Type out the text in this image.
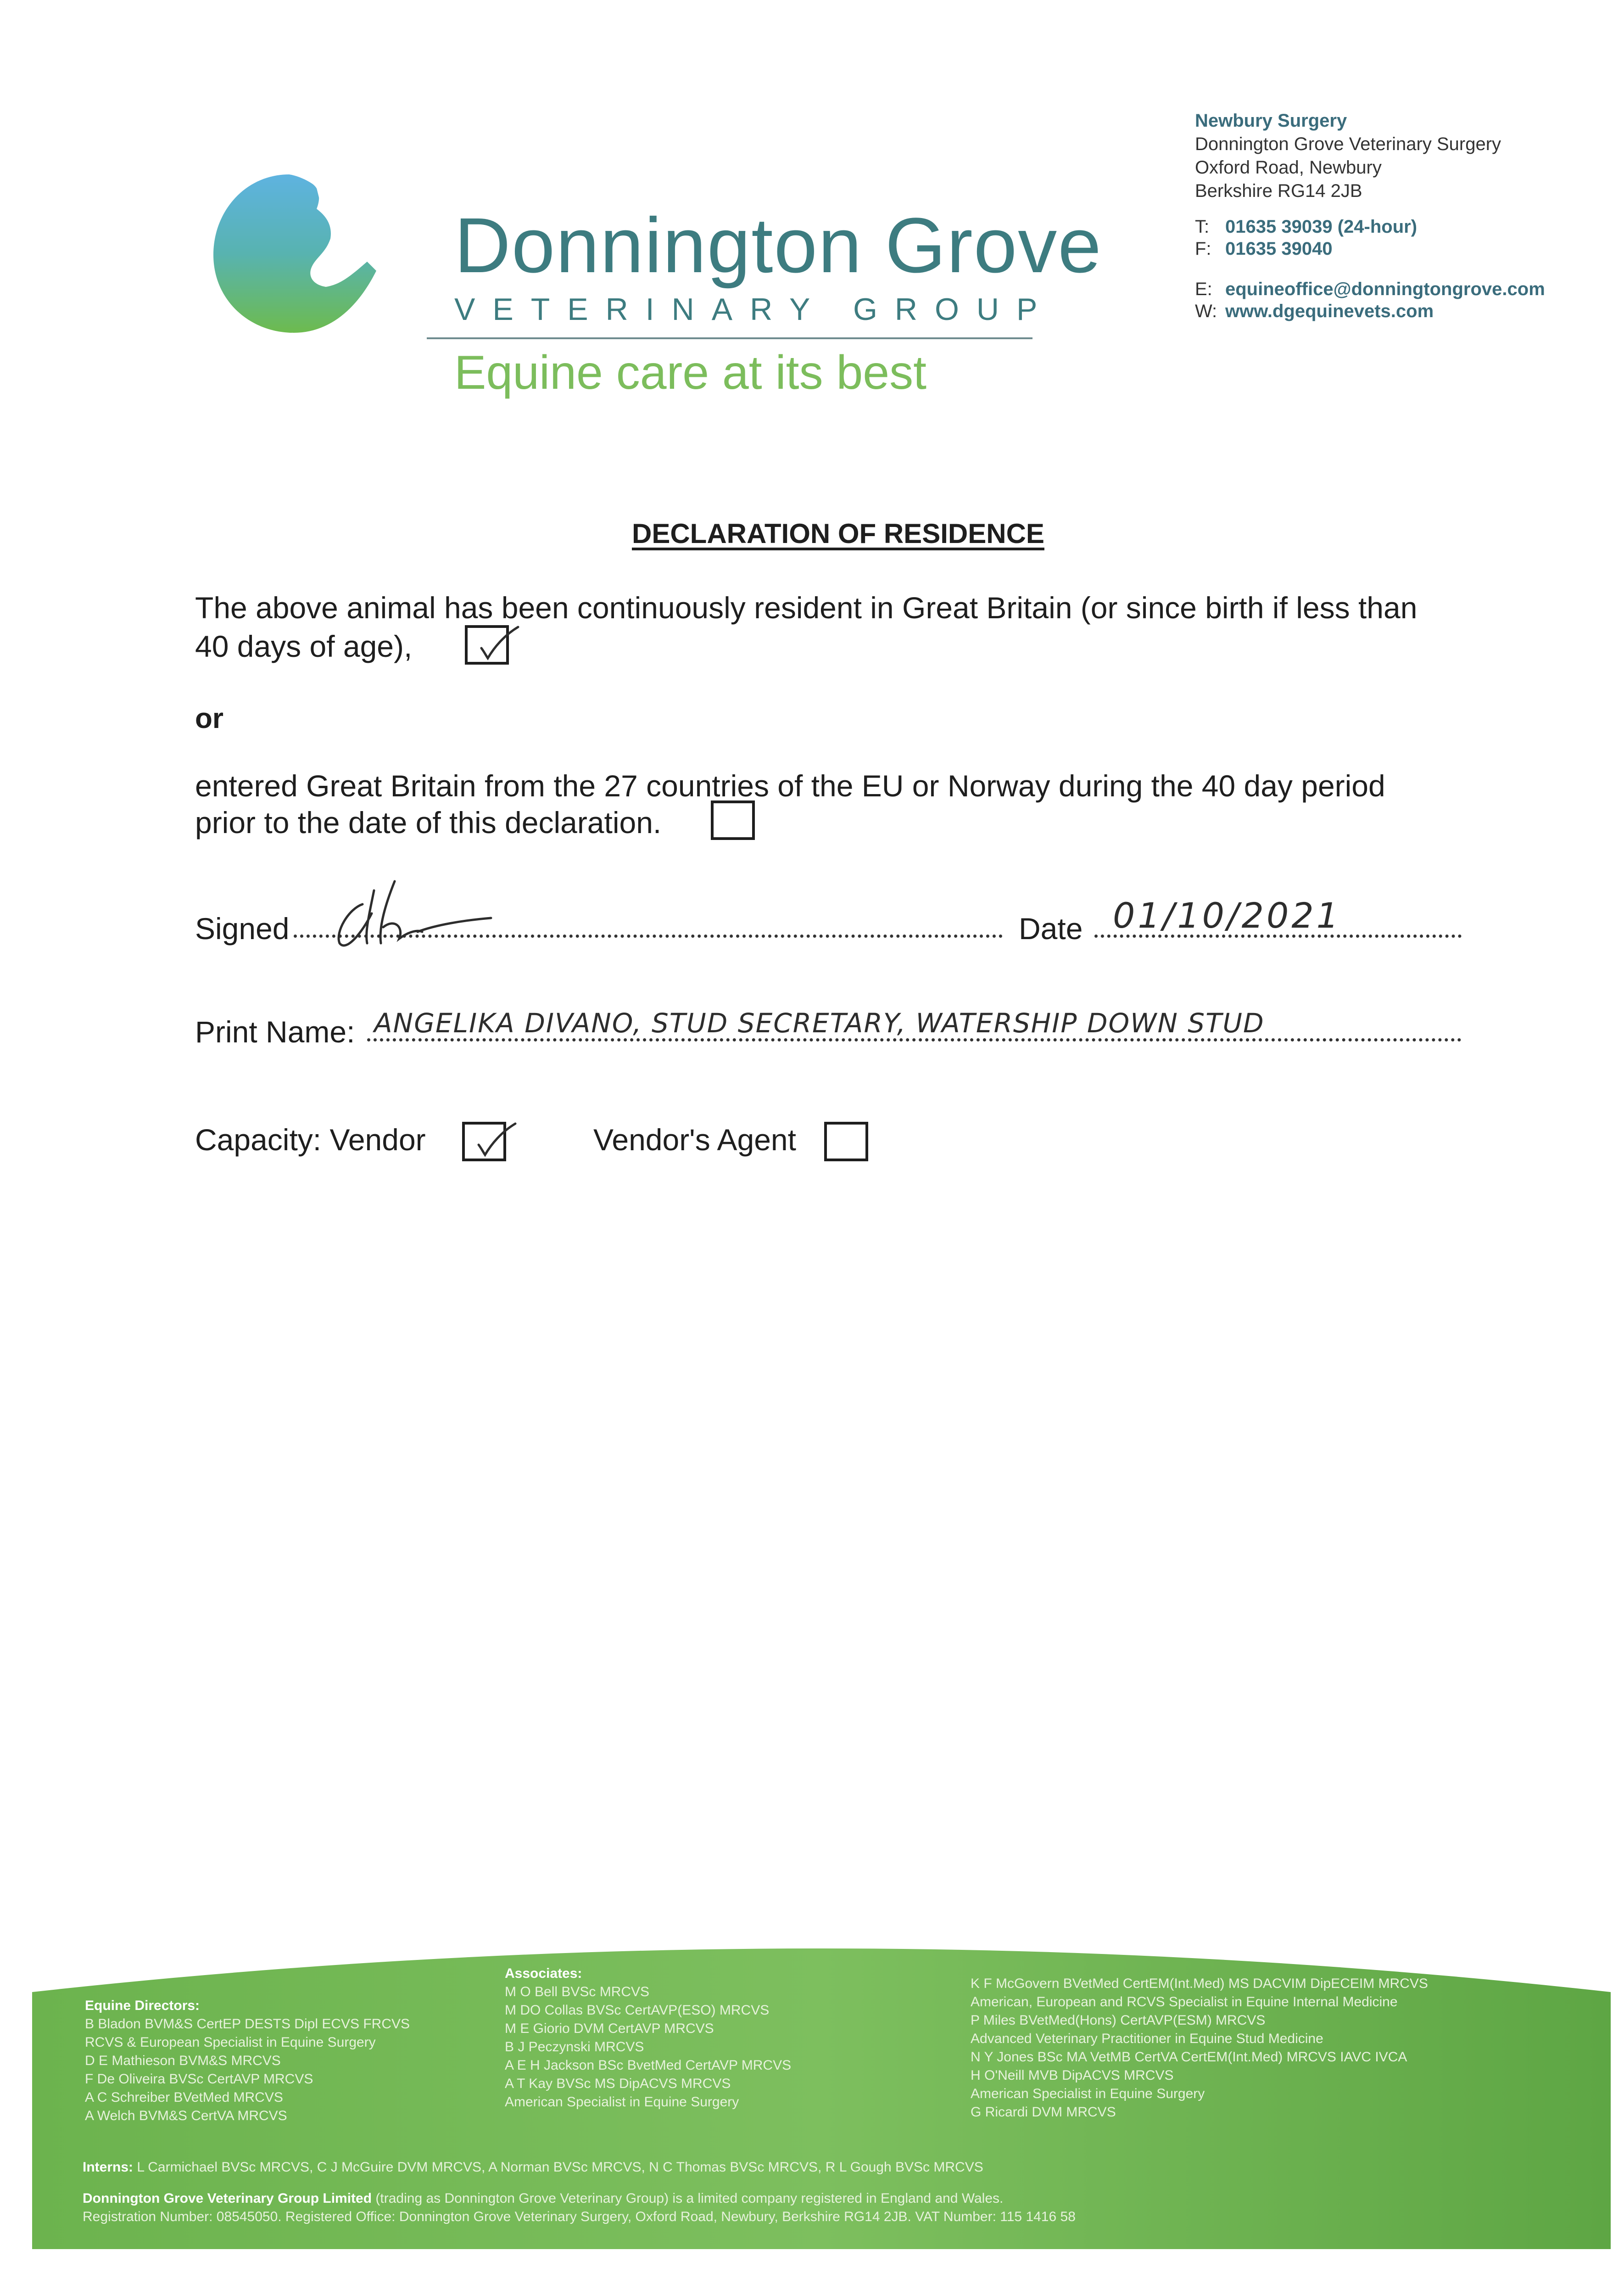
Donnington Grove
VETERINARY GROUP
Equine care at its best
Newbury Surgery
Donnington Grove Veterinary Surgery
Oxford Road, Newbury
Berkshire RG14 2JB
T: 01635 39039 (24-hour)
F: 01635 39040
E: equineoffice@donningtongrove.com
W: www.dgequinevets.com
DECLARATION OF RESIDENCE
The above animal has been continuously resident in Great Britain (or since birth if less than
40 days of age),
or
entered Great Britain from the 27 countries of the EU or Norway during the 40 day period
prior to the date of this declaration.
Signed	Date 01/10/2021
Print Name: ANGELIKA DIVANO, STUD SECRETARY, WATERSHIP DOWN STUD
Capacity: Vendor	Vendor's Agent
Equine Directors:
B Bladon BVM&S CertEP DESTS Dipl ECVS FRCVS
RCVS & European Specialist in Equine Surgery
D E Mathieson BVM&S MRCVS
F De Oliveira BVSc CertAVP MRCVS
A C Schreiber BVetMed MRCVS
A Welch BVM&S CertVA MRCVS
Associates:
M O Bell BVSc MRCVS
M DO Collas BVSc CertAVP(ESO) MRCVS
M E Giorio DVM CertAVP MRCVS
B J Peczynski MRCVS
A E H Jackson BSc BvetMed CertAVP MRCVS
A T Kay BVSc MS DipACVS MRCVS
American Specialist in Equine Surgery
K F McGovern BVetMed CertEM(Int.Med) MS DACVIM DipECEIM MRCVS
American, European and RCVS Specialist in Equine Internal Medicine
P Miles BVetMed(Hons) CertAVP(ESM) MRCVS
Advanced Veterinary Practitioner in Equine Stud Medicine
N Y Jones BSc MA VetMB CertVA CertEM(Int.Med) MRCVS IAVC IVCA
H O'Neill MVB DipACVS MRCVS
American Specialist in Equine Surgery
G Ricardi DVM MRCVS
Interns: L Carmichael BVSc MRCVS, C J McGuire DVM MRCVS, A Norman BVSc MRCVS, N C Thomas BVSc MRCVS, R L Gough BVSc MRCVS
Donnington Grove Veterinary Group Limited (trading as Donnington Grove Veterinary Group) is a limited company registered in England and Wales.
Registration Number: 08545050. Registered Office: Donnington Grove Veterinary Surgery, Oxford Road, Newbury, Berkshire RG14 2JB. VAT Number: 115 1416 58
